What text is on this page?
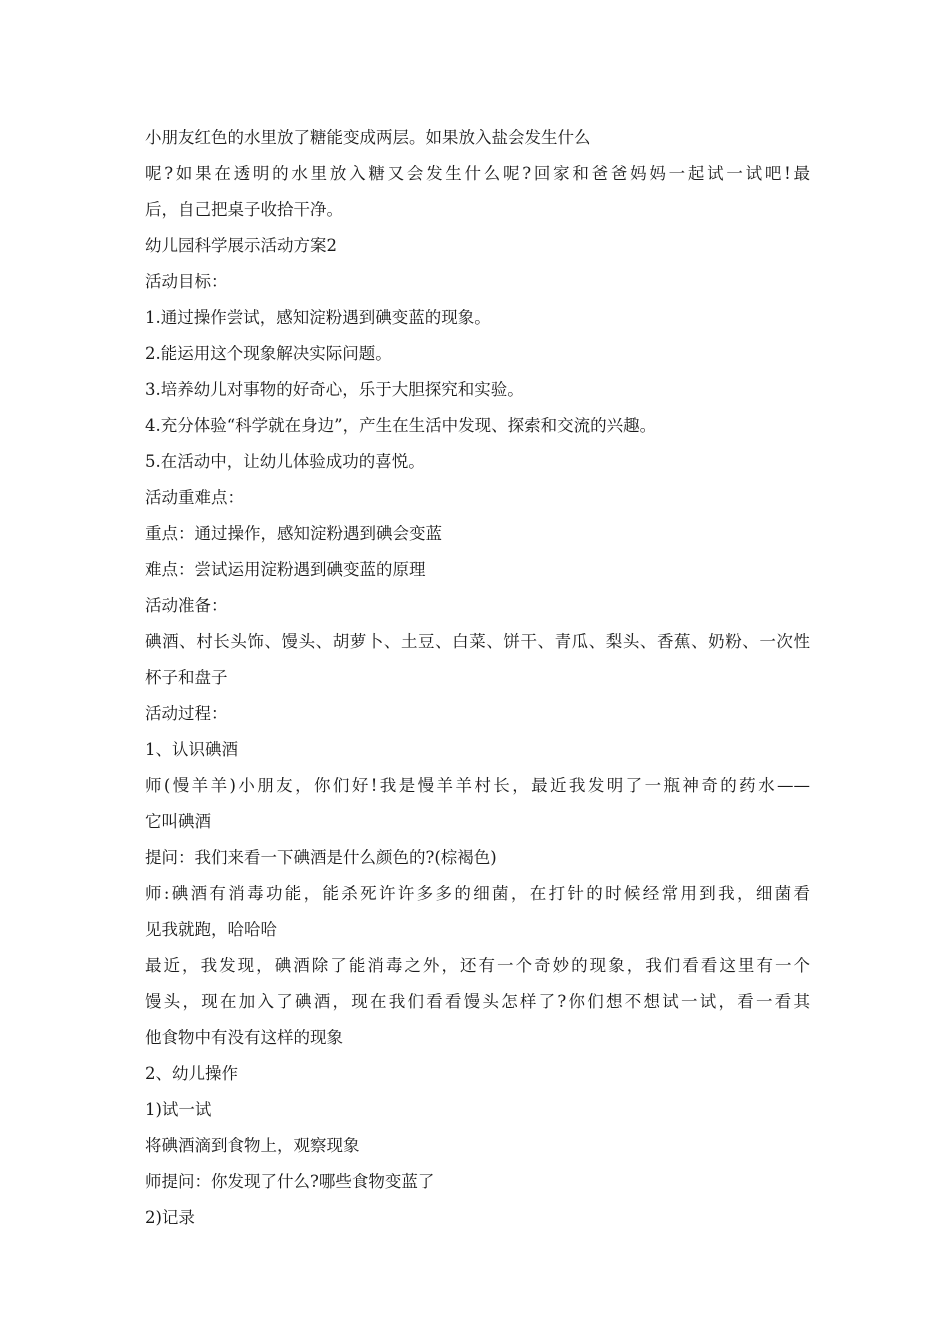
小朋友红色的水里放了糖能变成两层。如果放入盐会发生什么
呢?如果在透明的水里放入糖又会发生什么呢?回家和爸爸妈妈一起试一试吧!最
后，自己把桌子收拾干净。
幼儿园科学展示活动方案2
活动目标：
1.通过操作尝试，感知淀粉遇到碘变蓝的现象。
2.能运用这个现象解决实际问题。
3.培养幼儿对事物的好奇心，乐于大胆探究和实验。
4.充分体验“科学就在身边”，产生在生活中发现、探索和交流的兴趣。
5.在活动中，让幼儿体验成功的喜悦。
活动重难点：
重点：通过操作，感知淀粉遇到碘会变蓝
难点：尝试运用淀粉遇到碘变蓝的原理
活动准备：
碘酒、村长头饰、馒头、胡萝卜、土豆、白菜、饼干、青瓜、梨头、香蕉、奶粉、一次性
杯子和盘子
活动过程：
1、认识碘酒
师(慢羊羊)小朋友，你们好!我是慢羊羊村长，最近我发明了一瓶神奇的药水——
它叫碘酒
提问：我们来看一下碘酒是什么颜色的?(棕褐色)
师:碘酒有消毒功能，能杀死许许多多的细菌，在打针的时候经常用到我，细菌看
见我就跑，哈哈哈
最近，我发现，碘酒除了能消毒之外，还有一个奇妙的现象，我们看看这里有一个
馒头，现在加入了碘酒，现在我们看看馒头怎样了?你们想不想试一试，看一看其
他食物中有没有这样的现象
2、幼儿操作
1)试一试
将碘酒滴到食物上，观察现象
师提问：你发现了什么?哪些食物变蓝了
2)记录
